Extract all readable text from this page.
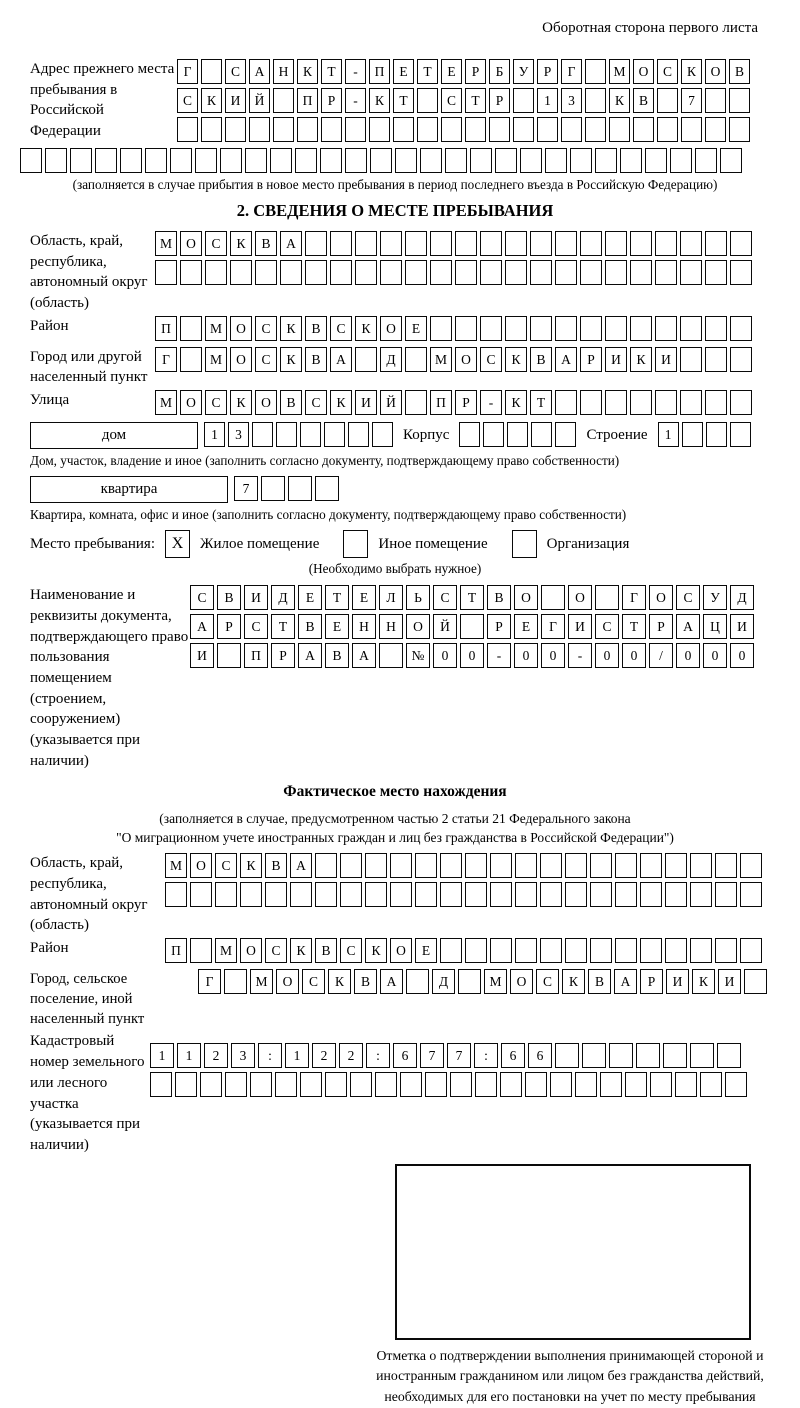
Оборотная сторона первого листа
Адрес прежнего места пребывания в Российской Федерации
Г	С	А	Н	К	Т	-	П	Е	Т	Е	Р	Б	У	Р	Г	М О	С	К	О	В
С	К	И	Й	П	Р	-	К	Т	С	Т	Р	1	3	К	В	7
(заполняется в случае прибытия в новое место пребывания в период последнего въезда в Российскую Федерацию)
2. СВЕДЕНИЯ О МЕСТЕ ПРЕБЫВАНИЯ
Область, край, республика, автономный округ (область)
М	О	С	К	В	А
Район	П	М	О	С	К	В	С	К	О	Е
Город или другой населенный пункт
Г	М	О	С	К	В	А	Д	М	О	С	К	В	А	Р	И	К	И
Улица	М	О	С	К	О	В	С	К	И	Й	П	Р	-	К	Т
дом	1	3	Корпус	Строение	1
Дом, участок, владение и иное (заполнить согласно документу, подтверждающему право собственности)
квартира	7
Квартира, комната, офис и иное (заполнить согласно документу, подтверждающему право собственности)
Место пребывания:	X	Жилое помещение	Иное помещение	Организация
(Необходимо выбрать нужное)
Наименование и реквизиты документа, подтверждающего право пользования помещением (строением, сооружением) (указывается при наличии)
С	В	И	Д	Е	Т	Е	Л	Ь	С	Т	В	О	О	Г	О	С	У	Д
А	Р	С	Т	В	Е	Н	Н	О	Й	Р	Е	Г	И	С	Т	Р	А	Ц	И
И	П	Р	А	В	А	№	0	0	-	0	0	-	0	0	/	0	0	0
Фактическое место нахождения
(заполняется в случае, предусмотренном частью 2 статьи 21 Федерального закона
"О миграционном учете иностранных граждан и лиц без гражданства в Российской Федерации")
Область, край, республика, автономный округ (область)
М	О	С	К	В	А
Район	П	М	О	С	К	В	С	К	О	Е
Город, сельское поселение, иной населенный пункт
Г	М	О	С	К	В	А	Д	М	О	С	К	В	А	Р	И	К	И
Кадастровый номер земельного или лесного участка (указывается при наличии)
1	1	2	3	:	1	2	2	:	6	7	7	:	6	6
Отметка о подтверждении выполнения принимающей стороной и иностранным гражданином или лицом без гражданства действий, необходимых для его постановки на учет по месту пребывания
